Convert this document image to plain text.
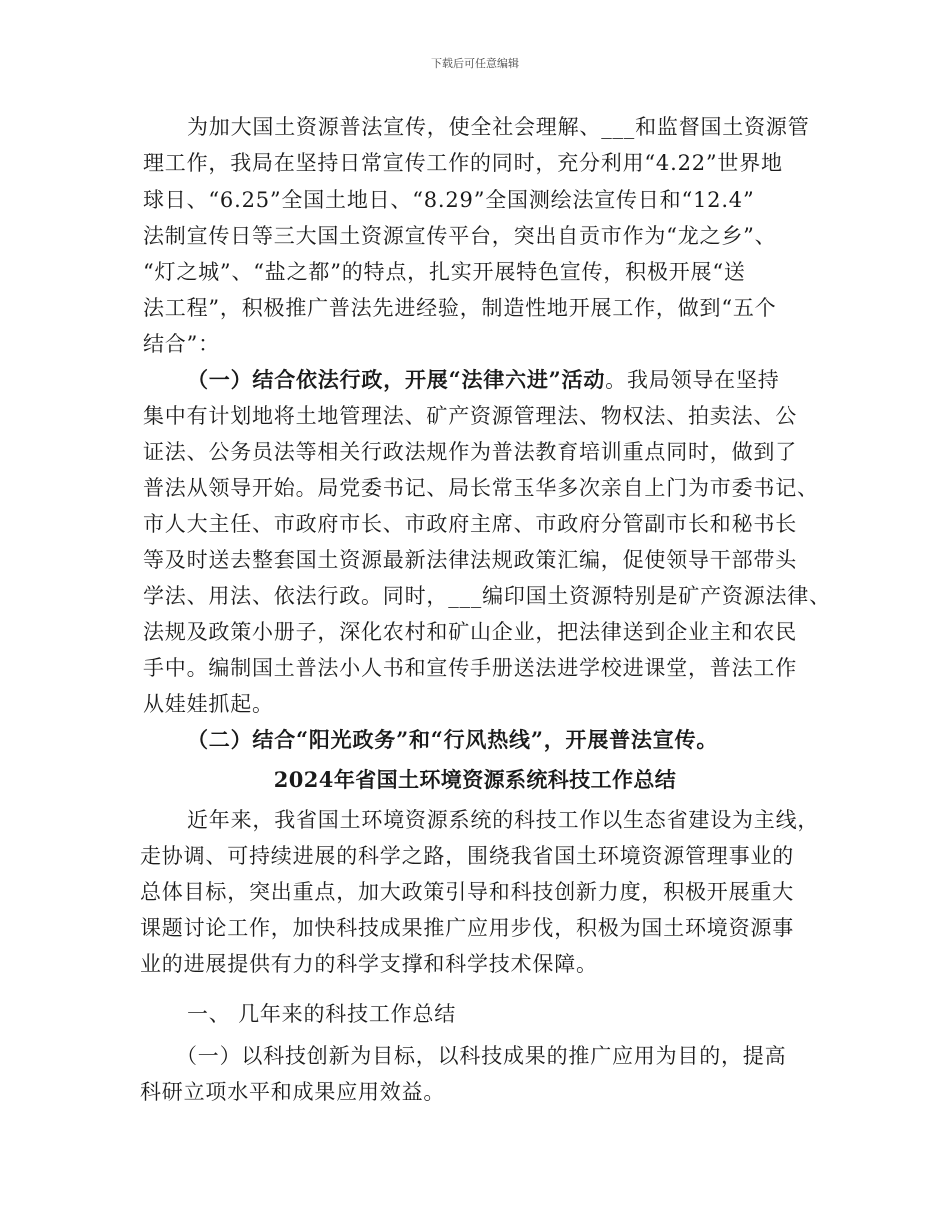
下载后可任意编辑
为加大国土资源普法宣传，使全社会理解、___和监督国土资源管
理工作，我局在坚持日常宣传工作的同时，充分利用“4.22”世界地
球日、“6.25”全国土地日、“8.29”全国测绘法宣传日和“12.4”
法制宣传日等三大国土资源宣传平台，突出自贡市作为“龙之乡”、
“灯之城”、“盐之都”的特点，扎实开展特色宣传，积极开展“送
法工程”，积极推广普法先进经验，制造性地开展工作，做到“五个
结合”：
（一）结合依法行政，开展“法律六进”活动。我局领导在坚持
集中有计划地将土地管理法、矿产资源管理法、物权法、拍卖法、公
证法、公务员法等相关行政法规作为普法教育培训重点同时，做到了
普法从领导开始。局党委书记、局长常玉华多次亲自上门为市委书记、
市人大主任、市政府市长、市政府主席、市政府分管副市长和秘书长
等及时送去整套国土资源最新法律法规政策汇编，促使领导干部带头
学法、用法、依法行政。同时，___编印国土资源特别是矿产资源法律、
法规及政策小册子，深化农村和矿山企业，把法律送到企业主和农民
手中。编制国土普法小人书和宣传手册送法进学校进课堂，普法工作
从娃娃抓起。
（二）结合“阳光政务”和“行风热线”，开展普法宣传。
2024年省国土环境资源系统科技工作总结
近年来，我省国土环境资源系统的科技工作以生态省建设为主线，
走协调、可持续进展的科学之路，围绕我省国土环境资源管理事业的
总体目标，突出重点，加大政策引导和科技创新力度，积极开展重大
课题讨论工作，加快科技成果推广应用步伐，积极为国土环境资源事
业的进展提供有力的科学支撑和科学技术保障。
一、 几年来的科技工作总结
（一）以科技创新为目标，以科技成果的推广应用为目的，提高
科研立项水平和成果应用效益。
